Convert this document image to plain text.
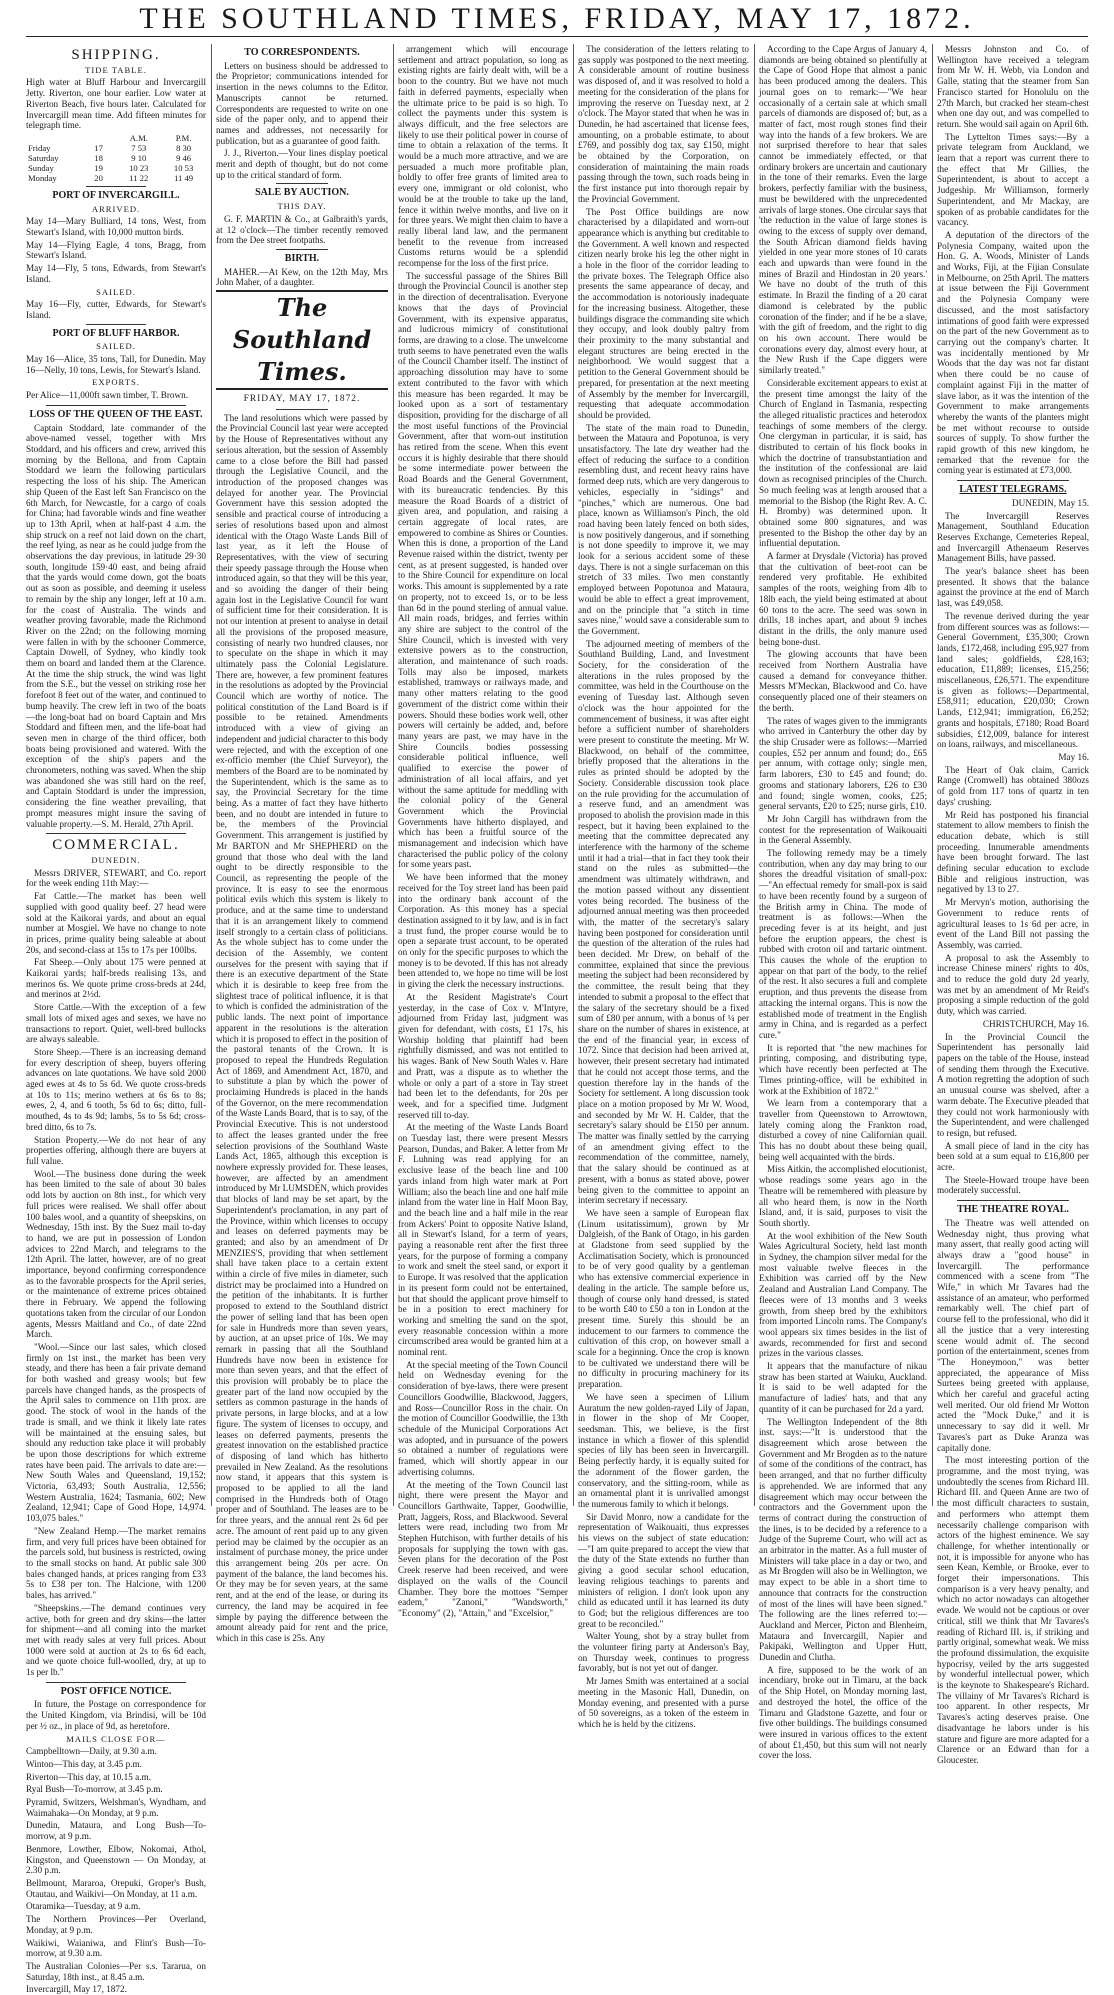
THE SOUTHLAND TIMES, FRIDAY, MAY 17, 1872.
SHIPPING.
TIDE TABLE.

High water at Bluff Harbour and Invercargill Jetty. Riverton, one hour earlier. Low water at Riverton Beach, five hours later. Calculated for Invercargill mean time. Add fifteen minutes for telegraph time.

		A.M.	P.M.
Friday	17	7 53	8 30
Saturday	18	9 10	9 46
Sunday	19	10 23	10 53
Monday	20	11 22	11 49
PORT OF INVERCARGILL.
ARRIVED.

May 14—Mary Bulliard, 14 tons, West, from Stewart's Island, with 10,000 mutton birds.

May 14—Flying Eagle, 4 tons, Bragg, from Stewart's Island.

May 14—Fly, 5 tons, Edwards, from Stewart's Island.

SAILED.

May 16—Fly, cutter, Edwards, for Stewart's Island.

PORT OF BLUFF HARBOR.
SAILED.

May 16—Alice, 35 tons, Tall, for Dunedin. May 16—Nelly, 10 tons, Lewis, for Stewart's Island.

EXPORTS.

Per Alice—11,000ft sawn timber, T. Brown.

LOSS OF THE QUEEN OF THE EAST.

Captain Stoddard, late commander of the above-named vessel, together with Mrs Stoddard, and his officers and crew, arrived this morning by the Bellona, and from Captain Stoddard we learn the following particulars respecting the loss of his ship. The American ship Queen of the East left San Francisco on the 6th March, for Newcastle, for a cargo of coals for China; had favorable winds and fine weather up to 13th April, when at half-past 4 a.m. the ship struck on a reef not laid down on the chart, the reef lying, as near as he could judge from the observations the day previous, in latitude 29·30 south, longitude 159·40 east, and being afraid that the yards would come down, got the boats out as soon as possible, and deeming it useless to remain by the ship any longer, left at 10 a.m. for the coast of Australia. The winds and weather proving favorable, made the Richmond River on the 22nd; on the following morning were fallen in with by the schooner Commerce, Captain Dowell, of Sydney, who kindly took them on board and landed them at the Clarence. At the time the ship struck, the wind was light from the S.E., but the vessel on striking rose her forefoot 8 feet out of the water, and continued to bump heavily. The crew left in two of the boats—the long-boat had on board Captain and Mrs Stoddard and fifteen men, and the life-boat had seven men in charge of the third officer, both boats being provisioned and watered. With the exception of the ship's papers and the chronometers, nothing was saved. When the ship was abandoned she was still hard on the reef, and Captain Stoddard is under the impression, considering the fine weather prevailing, that prompt measures might insure the saving of valuable property.—S. M. Herald, 27th April.

COMMERCIAL.
DUNEDIN.

Messrs DRIVER, STEWART, and Co. report for the week ending 11th May:—

Fat Cattle.—The market has been well supplied with good quality beef. 27 head were sold at the Kaikorai yards, and about an equal number at Mosgiel. We have no change to note in prices, prime quality being saleable at about 20s, and second-class at 15s to 17s per 100lbs.

Fat Sheep.—Only about 175 were penned at Kaikorai yards; half-breds realising 13s, and merinos 6s. We quote prime cross-breds at 24d, and merinos at 2½d.

Store Cattle.—With the exception of a few small lots of mixed ages and sexes, we have no transactions to report. Quiet, well-bred bullocks are always saleable.

Store Sheep.—There is an increasing demand for every description of sheep, buyers offering advances on late quotations. We have sold 2000 aged ewes at 4s to 5s 6d. We quote cross-breds at 10s to 11s; merino wethers at 6s 6s to 8s; ewes, 2, 4, and 6 tooth, 5s 6d to 6s; ditto, full-mouthed, 4s to 4s 9d; lambs, 5s to 5s 6d; cross-bred ditto, 6s to 7s.

Station Property.—We do not hear of any properties offering, although there are buyers at full value.

Wool.—The business done during the week has been limited to the sale of about 30 bales odd lots by auction on 8th inst., for which very full prices were realised. We shall offer about 100 bales wool, and a quantity of sheepskins, on Wednesday, 15th inst. By the Suez mail to-day to hand, we are put in possession of London advices to 22nd March, and telegrams to the 12th April. The latter, however, are of no great importance, beyond confirming correspondence as to the favorable prospects for the April series, or the maintenance of extreme prices obtained there in February. We append the following quotations taken from the circular of our London agents, Messrs Maitland and Co., of date 22nd March.

"Wool.—Since our last sales, which closed firmly on 1st inst., the market has been very steady, and there has been a fair private demand for both washed and greasy wools; but few parcels have changed hands, as the prospects of the April sales to commence on 11th prox. are good. The stock of wool in the hands of the trade is small, and we think it likely late rates will be maintained at the ensuing sales, but should any reduction take place it will probably be upon those descriptions for which extreme rates have been paid. The arrivals to date are:— New South Wales and Queensland, 19,152; Victoria, 63,493; South Australia, 12,556; Western Australia, 1624; Tasmania, 602; New Zealand, 12,941; Cape of Good Hope, 14,974. 103,075 bales."

"New Zealand Hemp.—The market remains firm, and very full prices have been obtained for the parcels sold, but business is restricted, owing to the small stocks on hand. At public sale 300 bales changed hands, at prices ranging from £33 5s to £38 per ton. The Halcione, with 1200 bales, has arrived."

"Sheepskins.—The demand continues very active, both for green and dry skins—the latter for shipment—and all coming into the market met with ready sales at very full prices. About 1000 were sold at auction at 2s to 6s 6d each, and we quote choice full-woolled, dry, at up to 1s per lb."

POST OFFICE NOTICE.

In future, the Postage on correspondence for the United Kingdom, via Brindisi, will be 10d per ½ oz., in place of 9d, as heretofore.

MAILS CLOSE FOR—

Campbelltown—Daily, at 9.30 a.m.

Winton—This day, at 3.45 p.m.

Riverton—This day, at 10.15 a.m.

Ryal Bush—To-morrow, at 3.45 p.m.

Pyramid, Switzers, Welshman's, Wyndham, and Waimahaka—On Monday, at 9 p.m.

Dunedin, Mataura, and Long Bush—To-morrow, at 9 p.m.

Benmore, Lowther, Elbow, Nokomai, Athol, Kingston, and Queenstown — On Monday, at 2.30 p.m.

Bellmount, Mararoa, Orepuki, Groper's Bush, Otautau, and Waikivi—On Monday, at 11 a.m.

Otaramika—Tuesday, at 9 a.m.

The Northern Provinces—Per Overland, Monday, at 9 p.m.

Waikiwi, Waianiwa, and Flint's Bush—To-morrow, at 9.30 a.m.

The Australian Colonies—Per s.s. Tararua, on Saturday, 18th inst., at 8.45 a.m.

Invercargill, May 17, 1872.

TO CORRESPONDENTS.

Letters on business should be addressed to the Proprietor; communications intended for insertion in the news columns to the Editor. Manuscripts cannot be returned. Correspondents are requested to write on one side of the paper only, and to append their names and addresses, not necessarily for publication, but as a guarantee of good faith.

J. J., Riverton.—Your lines display poetical merit and depth of thought, but do not come up to the critical standard of form.

SALE BY AUCTION.
THIS DAY.

G. F. MARTIN & Co., at Galbraith's yards, at 12 o'clock—The timber recently removed from the Dee street footpaths.

BIRTH.

MAHER.—At Kew, on the 12th May, Mrs John Maher, of a daughter.

The Southland Times.
FRIDAY, MAY 17, 1872.

The land resolutions which were passed by the Provincial Council last year were accepted by the House of Representatives without any serious alteration, but the session of Assembly came to a close before the Bill had passed through the Legislative Council, and the introduction of the proposed changes was delayed for another year. The Provincial Government have this session adopted the sensible and practical course of introducing a series of resolutions based upon and almost identical with the Otago Waste Lands Bill of last year, as it left the House of Representatives, with the view of securing their speedy passage through the House when introduced again, so that they will be this year, and so avoiding the danger of their being again lost in the Legislative Council for want of sufficient time for their consideration. It is not our intention at present to analyse in detail all the provisions of the proposed measure, consisting of nearly two hundred clauses, nor to speculate on the shape in which it may ultimately pass the Colonial Legislature. There are, however, a few prominent features in the resolutions as adopted by the Provincial Council which are worthy of notice. The political constitution of the Land Board is if possible to be retained. Amendments introduced with a view of giving an independent and judicial character to this body were rejected, and with the exception of one ex-officio member (the Chief Surveyor), the members of the Board are to be nominated by the Superintendent, which is the same as to say, the Provincial Secretary for the time being. As a matter of fact they have hitherto been, and no doubt are intended in future to be, the members of the Provincial Government. This arrangement is justified by Mr BARTON and Mr SHEPHERD on the ground that those who deal with the land ought to be directly responsible to the Council, as representing the people of the province. It is easy to see the enormous political evils which this system is likely to produce, and at the same time to understand that it is an arrangement likely to commend itself strongly to a certain class of politicians. As the whole subject has to come under the decision of the Assembly, we content ourselves for the present with saying that if there is an executive department of the State which it is desirable to keep free from the slightest trace of political influence, it is that to which is confided the administration of the public lands. The next point of importance apparent in the resolutions is the alteration which it is proposed to effect in the position of the pastoral tenants of the Crown. It is proposed to repeal the Hundreds Regulation Act of 1869, and Amendment Act, 1870, and to substitute a plan by which the power of proclaiming Hundreds is placed in the hands of the Governor, on the mere recommendation of the Waste Lands Board, that is to say, of the Provincial Executive. This is not understood to affect the leases granted under the free selection provisions of the Southland Waste Lands Act, 1865, although this exception is nowhere expressly provided for. These leases, however, are affected by an amendment introduced by Mr LUMSDEN, which provides that blocks of land may be set apart, by the Superintendent's proclamation, in any part of the Province, within which licenses to occupy and leases on deferred payments may be granted; and also by an amendment of Dr MENZIES'S, providing that when settlement shall have taken place to a certain extent within a circle of five miles in diameter, such district may be proclaimed into a Hundred on the petition of the inhabitants. It is further proposed to extend to the Southland district the power of selling land that has been open for sale in Hundreds more than seven years, by auction, at an upset price of 10s. We may remark in passing that all the Southland Hundreds have now been in existence for more than seven years, and that the effect of this provision will probably be to place the greater part of the land now occupied by the settlers as common pasturage in the hands of private persons, in large blocks, and at a low figure. The system of licenses to occupy, and leases on deferred payments, presents the greatest innovation on the established practice of disposing of land which has hitherto prevailed in New Zealand. As the resolutions now stand, it appears that this system is proposed to be applied to all the land comprised in the Hundreds both of Otago proper and of Southland. The leases are to be for three years, and the annual rent 2s 6d per acre. The amount of rent paid up to any given period may be claimed by the occupier as an instalment of purchase money, the price under this arrangement being 20s per acre. On payment of the balance, the land becomes his. Or they may be for seven years, at the same rent, and at the end of the lease, or during its currency, the land may be acquired in fee simple by paying the difference between the amount already paid for rent and the price, which in this case is 25s. Any

arrangement which will encourage settlement and attract population, so long as existing rights are fairly dealt with, will be a boon to the country. But we have not much faith in deferred payments, especially when the ultimate price to be paid is so high. To collect the payments under this system is always difficult, and the free selectors are likely to use their political power in course of time to obtain a relaxation of the terms. It would be a much more attractive, and we are persuaded a much more profitable plan, boldly to offer free grants of limited area to every one, immigrant or old colonist, who would be at the trouble to take up the land, fence it within twelve months, and live on it for three years. We might then claim to have a really liberal land law, and the permanent benefit to the revenue from increased Customs returns would be a splendid recompense for the loss of the first price.

The successful passage of the Shires Bill through the Provincial Council is another step in the direction of decentralisation. Everyone knows that the days of Provincial Government, with its expensive apparatus, and ludicrous mimicry of constitutional forms, are drawing to a close. The unwelcome truth seems to have penetrated even the walls of the Council Chamber itself. The instinct of approaching dissolution may have to some extent contributed to the favor with which this measure has been regarded. It may be looked upon as a sort of testamentary disposition, providing for the discharge of all the most useful functions of the Provincial Government, after that worn-out institution has retired from the scene. When this event occurs it is highly desirable that there should be some intermediate power between the Road Boards and the General Government, with its bureaucratic tendencies. By this measure the Road Boards of a district of given area, and population, and raising a certain aggregate of local rates, are empowered to combine as Shires or Counties. When this is done, a proportion of the Land Revenue raised within the district, twenty per cent, as at present suggested, is handed over to the Shire Council for expenditure on local works. This amount is supplemented by a rate on property, not to exceed 1s, or to be less than 6d in the pound sterling of annual value. All main roads, bridges, and ferries within any shire are subject to the control of the Shire Council, which is invested with very extensive powers as to the construction, alteration, and maintenance of such roads. Tolls may also be imposed, markets established, tramways or railways made, and many other matters relating to the good government of the district come within their powers. Should these bodies work well, other powers will certainly be added, and, before many years are past, we may have in the Shire Councils bodies possessing considerable political influence, well qualified to exercise the power of administration of all local affairs, and yet without the same aptitude for meddling with the colonial policy of the General Government which the Provincial Governments have hitherto displayed, and which has been a fruitful source of the mismanagement and indecision which have characterised the public policy of the colony for some years past.

We have been informed that the money received for the Toy street land has been paid into the ordinary bank account of the Corporation. As this money has a special destination assigned to it by law, and is in fact a trust fund, the proper course would be to open a separate trust account, to be operated on only for the specific purposes to which the money is to be devoted. If this has not already been attended to, we hope no time will be lost in giving the clerk the necessary instructions.

At the Resident Magistrate's Court yesterday, in the case of Cox v. M'Intyre, adjourned from Friday last, judgment was given for defendant, with costs, £1 17s, his Worship holding that plaintiff had been rightfully dismissed, and was not entitled to his wages. Bank of New South Wales v. Hare and Pratt, was a dispute as to whether the whole or only a part of a store in Tay street had been let to the defendants, for 20s per week, and for a specified time. Judgment reserved till to-day.

At the meeting of the Waste Lands Board on Tuesday last, there were present Messrs Pearson, Dundas, and Baker. A letter from Mr F. Luhning was read applying for an exclusive lease of the beach line and 100 yards inland from high water mark at Port William; also the beach line and one half mile inland from the water line in Half Moon Bay, and the beach line and a half mile in the rear from Ackers' Point to opposite Native Island, all in Stewart's Island, for a term of years, paying a reasonable rent after the first three years, for the purpose of forming a company to work and smelt the steel sand, or export it to Europe. It was resolved that the application in its present form could not be entertained, but that should the applicant prove himself to be in a position to erect machinery for working and smelting the sand on the spot, every reasonable concession within a more circumscribed area would be granted him at a nominal rent.

At the special meeting of the Town Council held on Wednesday evening for the consideration of bye-laws, there were present Councillors Goodwillie, Blackwood, Jaggers, and Ross—Councillor Ross in the chair. On the motion of Councillor Goodwillie, the 13th schedule of the Municipal Corporations Act was adopted, and in pursuance of the powers so obtained a number of regulations were framed, which will shortly appear in our advertising columns.

At the meeting of the Town Council last night, there were present the Mayor and Councillors Garthwaite, Tapper, Goodwillie, Pratt, Jaggers, Ross, and Blackwood. Several letters were read, including two from Mr Stephen Hutchison, with further details of his proposals for supplying the town with gas. Seven plans for the decoration of the Post Creek reserve had been received, and were displayed on the walls of the Council Chamber. They bore the mottoes "Semper eadem," "Zanoni," "Wandsworth," "Economy" (2), "Attain," and "Excelsior,"

The consideration of the letters relating to gas supply was postponed to the next meeting. A considerable amount of routine business was disposed of, and it was resolved to hold a meeting for the consideration of the plans for improving the reserve on Tuesday next, at 2 o'clock. The Mayor stated that when he was in Dunedin, he had ascertained that license fees, amounting, on a probable estimate, to about £769, and possibly dog tax, say £150, might be obtained by the Corporation, on consideration of maintaining the main roads passing through the town, such roads being in the first instance put into thorough repair by the Provincial Government.

The Post Office buildings are now characterised by a dilapidated and worn-out appearance which is anything but creditable to the Government. A well known and respected citizen nearly broke his leg the other night in a hole in the floor of the corridor leading to the private boxes. The Telegraph Office also presents the same appearance of decay, and the accommodation is notoriously inadequate for the increasing business. Altogether, these buildings disgrace the commanding site which they occupy, and look doubly paltry from their proximity to the many substantial and elegant structures are being erected in the neighborhood. We would suggest that a petition to the General Government should be prepared, for presentation at the next meeting of Assembly by the member for Invercargill, requesting that adequate accommodation should be provided.

The state of the main road to Dunedin, between the Mataura and Popotunoa, is very unsatisfactory. The late dry weather had the effect of reducing the surface to a condition resembling dust, and recent heavy rains have formed deep ruts, which are very dangerous to vehicles, especially in "sidings" and "pinches," which are numerous. One bad place, known as Williamson's Pinch, the old road having been lately fenced on both sides, is now positively dangerous, and if something is not done speedily to improve it, we may look for a serious accident some of these days. There is not a single surfaceman on this stretch of 33 miles. Two men constantly employed between Popotunoa and Mataura, would be able to effect a great improvement, and on the principle that "a stitch in time saves nine," would save a considerable sum to the Government.

The adjourned meeting of members of the Southland Building, Land, and Investment Society, for the consideration of the alterations in the rules proposed by the committee, was held in the Courthouse on the evening of Tuesday last. Although seven o'clock was the hour appointed for the commencement of business, it was after eight before a sufficient number of shareholders were present to constitute the meeting. Mr W. Blackwood, on behalf of the committee, briefly proposed that the alterations in the rules as printed should be adopted by the Society. Considerable discussion took place on the rule providing for the accumulation of a reserve fund, and an amendment was proposed to abolish the provision made in this respect, but it having been explained to the meeting that the committee deprecated any interference with the harmony of the scheme until it had a trial—that in fact they took their stand on the rules as submitted—the amendment was ultimately withdrawn, and the motion passed without any dissentient votes being recorded. The business of the adjourned annual meeting was then proceeded with, the matter of the secretary's salary having been postponed for consideration until the question of the alteration of the rules had been decided. Mr Drew, on behalf of the committee, explained that since the previous meeting the subject had been reconsidered by the committee, the result being that they intended to submit a proposal to the effect that the salary of the secretary should be a fixed sum of £80 per annum, with a bonus of ¼ per share on the number of shares in existence, at the end of the financial year, in excess of 1072. Since that decision had been arrived at, however, their present secretary had intimated that he could not accept those terms, and the question therefore lay in the hands of the Society for settlement. A long discussion took place on a motion proposed by Mr W. Wood, and seconded by Mr W. H. Calder, that the secretary's salary should be £150 per annum. The matter was finally settled by the carrying of an amendment giving effect to the recommendation of the committee, namely, that the salary should be continued as at present, with a bonus as stated above, power being given to the committee to appoint an interim secretary if necessary.

We have seen a sample of European flax (Linum usitatissimum), grown by Mr Dalgleish, of the Bank of Otago, in his garden at Gladstone from seed supplied by the Acclimatisation Society, which is pronounced to be of very good quality by a gentleman who has extensive commercial experience in dealing in the article. The sample before us, though of course only hand dressed, is stated to be worth £40 to £50 a ton in London at the present time. Surely this should be an inducement to our farmers to commence the cultivation of this crop, on however small a scale for a beginning. Once the crop is known to be cultivated we understand there will be no difficulty in procuring machinery for its preparation.

We have seen a specimen of Lilium Auratum the new golden-rayed Lily of Japan, in flower in the shop of Mr Cooper, seedsman. This, we believe, is the first instance in which a flower of this splendid species of lily has been seen in Invercargill. Being perfectly hardy, it is equally suited for the adornment of the flower garden, the conservatory, and the sitting-room, while as an ornamental plant it is unrivalled amongst the numerous family to which it belongs.

Sir David Monro, now a candidate for the representation of Waikouaiti, thus expresses his views on the subject of state education:—"I am quite prepared to accept the view that the duty of the State extends no further than giving a good secular school education, leaving religious teachings to parents and ministers of religion. I don't look upon any child as educated until it has learned its duty to God; but the religious differences are too great to be reconciled."

Walter Young, shot by a stray bullet from the volunteer firing party at Anderson's Bay, on Thursday week, continues to progress favorably, but is not yet out of danger.

Mr James Smith was entertained at a social meeting in the Masonic Hall, Dunedin, on Monday evening, and presented with a purse of 50 sovereigns, as a token of the esteem in which he is held by the citizens.

According to the Cape Argus of January 4, diamonds are being obtained so plentifully at the Cape of Good Hope that almost a panic has been produced among the dealers. This journal goes on to remark:—"We hear occasionally of a certain sale at which small parcels of diamonds are disposed of; but, as a matter of fact, most rough stones find their way into the hands of a few brokers. We are not surprised therefore to hear that sales cannot be immediately effected, or that ordinary brokers are uncertain and cautionary in the tone of their remarks. Even the large brokers, perfectly familiar with the business, must be bewildered with the unprecedented arrivals of large stones. One circular says that 'the reduction in the value of large stones is owing to the excess of supply over demand, the South African diamond fields having yielded in one year more stones of 10 carats each and upwards than were found in the mines of Brazil and Hindostan in 20 years.' We have no doubt of the truth of this estimate. In Brazil the finding of a 20 carat diamond is celebrated by the public coronation of the finder; and if he be a slave, with the gift of freedom, and the right to dig on his own account. There would be coronations every day, almost every hour, at the New Rush if the Cape diggers were similarly treated."

Considerable excitement appears to exist at the present time amongst the laity of the Church of England in Tasmania, respecting the alleged ritualistic practices and heterodox teachings of some members of the clergy. One clergyman in particular, it is said, has distributed to certain of his flock books in which the doctrine of transubstantiation and the institution of the confessional are laid down as recognised principles of the Church. So much feeling was at length aroused that a memorial to the Bishop (the Right Rev. A. C. H. Bromby) was determined upon. It obtained some 800 signatures, and was presented to the Bishop the other day by an influential deputation.

A farmer at Drysdale (Victoria) has proved that the cultivation of beet-root can be rendered very profitable. He exhibited samples of the roots, weighing from 4lb to 18lb each, the yield being estimated at about 60 tons to the acre. The seed was sown in drills, 18 inches apart, and about 9 inches distant in the drills, the only manure used being bone-dust.

The glowing accounts that have been received from Northern Australia have caused a demand for conveyance thither. Messrs M'Meckan, Blackwood and Co. have consequently placed one of their steamers on the berth.

The rates of wages given to the immigrants who arrived in Canterbury the other day by the ship Crusader were as follows:—Married couples, £52 per annum and found; do., £65 per annum, with cottage only; single men, farm laborers, £30 to £45 and found; do. grooms and stationary laborers, £26 to £30 and found; single women, cooks, £25; general servants, £20 to £25; nurse girls, £10.

Mr John Cargill has withdrawn from the contest for the representation of Waikouaiti in the General Assembly.

The following remedy may be a timely contribution, when any day may bring to our shores the dreadful visitation of small-pox:—"An effectual remedy for small-pox is said to have been recently found by a surgeon of the British army in China. The mode of treatment is as follows:—When the preceding fever is at its height, and just before the eruption appears, the chest is rubbed with croton oil and tartaric ointment. This causes the whole of the eruption to appear on that part of the body, to the relief of the rest. It also secures a full and complete eruption, and thus prevents the disease from attacking the internal organs. This is now the established mode of treatment in the English army in China, and is regarded as a perfect cure."

It is reported that "the new machines for printing, composing, and distributing type, which have recently been perfected at The Times printing-office, will be exhibited in work at the Exhibition of 1872."

We learn from a contemporary that a traveller from Queenstown to Arrowtown, lately coming along the Frankton road, disturbed a covey of nine Californian quail. This has no doubt about these being quail, being well acquainted with the birds.

Miss Aitkin, the accomplished elocutionist, whose readings some years ago in the Theatre will be remembered with pleasure by all who heard them, is now in the North Island, and, it is said, purposes to visit the South shortly.

At the wool exhibition of the New South Wales Agricultural Society, held last month in Sydney, the champion silver medal for the most valuable twelve fleeces in the Exhibition was carried off by the New Zealand and Australian Land Company. The fleeces were of 13 months and 3 weeks growth, from sheep bred by the exhibitors from imported Lincoln rams. The Company's wool appears six times besides in the list of awards, recommended for first and second prizes in the various classes.

It appears that the manufacture of nikau straw has been started at Waiuku, Auckland. It is said to be well adapted for the manufacture of ladies' hats, and that any quantity of it can be purchased for 2d a yard.

The Wellington Independent of the 8th inst. says:—"It is understood that the disagreement which arose between the Government and Mr Brogden as to the nature of some of the conditions of the contract, has been arranged, and that no further difficulty is apprehended. We are informed that any disagreement which may occur between the contractors and the Government upon the terms of contract during the construction of the lines, is to be decided by a reference to a Judge of the Supreme Court, who will act as an arbitrator in the matter. As a full muster of Ministers will take place in a day or two, and as Mr Brogden will also be in Wellington, we may expect to be able in a short time to announce that contracts for the construction of most of the lines will have been signed." The following are the lines referred to:—Auckland and Mercer, Picton and Blenheim, Mataura and Invercargill, Napier and Pakipaki, Wellington and Upper Hutt, Dunedin and Clutha.

A fire, supposed to be the work of an incendiary, broke out in Timaru, at the back of the Ship Hotel, on Monday morning last, and destroyed the hotel, the office of the Timaru and Gladstone Gazette, and four or five other buildings. The buildings consumed were insured in various offices to the extent of about £1,450, but this sum will not nearly cover the loss.

Messrs Johnston and Co. of Wellington have received a telegram from Mr W. H. Webb, via London and Galle, stating that the steamer from San Francisco started for Honolulu on the 27th March, but cracked her steam-chest when one day out, and was compelled to return. She would sail again on April 6th.

The Lyttelton Times says:—By a private telegram from Auckland, we learn that a report was current there to the effect that Mr Gillies, the Superintendent, is about to accept a Judgeship. Mr Williamson, formerly Superintendent, and Mr Mackay, are spoken of as probable candidates for the vacancy.

A deputation of the directors of the Polynesia Company, waited upon the Hon. G. A. Woods, Minister of Lands and Works, Fiji, at the Fijian Consulate in Melbourne, on 25th April. The matters at issue between the Fiji Government and the Polynesia Company were discussed, and the most satisfactory intimations of good faith were expressed on the part of the new Government as to carrying out the company's charter. It was incidentally mentioned by Mr Woods that the day was not far distant when there could be no cause of complaint against Fiji in the matter of slave labor, as it was the intention of the Government to make arrangements whereby the wants of the planters might be met without recourse to outside sources of supply. To show further the rapid growth of this new kingdom, he remarked that the revenue for the coming year is estimated at £73,000.

LATEST TELEGRAMS.

DUNEDIN, May 15.

The Invercargill Reserves Management, Southland Education Reserves Exchange, Cemeteries Repeal, and Invercargill Athenaeum Reserves Management Bills, have passed.

The year's balance sheet has been presented. It shows that the balance against the province at the end of March last, was £49,058.

The revenue derived during the year from different sources was as follows:—General Government, £35,300; Crown lands, £172,468, including £95,927 from land sales; goldfields, £28,163; education, £11,889; licenses, £15,256; miscellaneous, £26,571. The expenditure is given as follows:—Departmental, £58,911; education, £20,030; Crown Lands, £12,941; immigration, £6,252; grants and hospitals, £7180; Road Board subsidies, £12,009, balance for interest on loans, railways, and miscellaneous.

May 16.

The Heart of Oak claim, Carrick Range (Cromwell) has obtained 380ozs of gold from 117 tons of quartz in ten days' crushing.

Mr Reid has postponed his financial statement to allow members to finish the education debate, which is still proceeding. Innumerable amendments have been brought forward. The last defining secular education to exclude Bible and religious instruction, was negatived by 13 to 27.

Mr Mervyn's motion, authorising the Government to reduce rents of agricultural leases to 1s 6d per acre, in event of the Land Bill not passing the Assembly, was carried.

A proposal to ask the Assembly to increase Chinese miners' rights to 40s, and to reduce the gold duty 2d yearly, was met by an amendment of Mr Reid's proposing a simple reduction of the gold duty, which was carried.

CHRISTCHURCH, May 16.

In the Provincial Council the Superintendent has personally laid papers on the table of the House, instead of sending them through the Executive. A motion regretting the adoption of such an unusual course was shelved, after a warm debate. The Executive pleaded that they could not work harmoniously with the Superintendent, and were challenged to resign, but refused.

A small piece of land in the city has been sold at a sum equal to £16,800 per acre.

The Steele-Howard troupe have been moderately successful.

THE THEATRE ROYAL.

The Theatre was well attended on Wednesday night, thus proving what many assert, that really good acting will always draw a "good house" in Invercargill. The performance commenced with a scene from "The Wife," in which Mr Tavares had the assistance of an amateur, who performed remarkably well. The chief part of course fell to the professional, who did it all the justice that a very interesting scene would admit of. The second portion of the entertainment, scenes from "The Honeymoon," was better appreciated, the appearance of Miss Surtees being greeted with applause, which her careful and graceful acting well merited. Our old friend Mr Wotton acted the "Mock Duke," and it is unnecessary to say did it well. Mr Tavares's part as Duke Aranza was capitally done.

The most interesting portion of the programme, and the most trying, was undoubtedly the scenes from Richard III. Richard III. and Queen Anne are two of the most difficult characters to sustain, and performers who attempt them necessarily challenge comparison with actors of the highest eminence. We say challenge, for whether intentionally or not, it is impossible for anyone who has seen Kean, Kemble, or Brooke, ever to forget their impersonations. This comparison is a very heavy penalty, and which no actor nowadays can altogether evade. We would not be captious or over critical, still we think that Mr Tavares's reading of Richard III. is, if striking and partly original, somewhat weak. We miss the profound dissimulation, the exquisite hypocrisy, veiled by the arts suggested by wonderful intellectual power, which is the keynote to Shakespeare's Richard. The villainy of Mr Tavares's Richard is too apparent. In other respects, Mr Tavares's acting deserves praise. One disadvantage he labors under is his stature and figure are more adapted for a Clarence or an Edward than for a Gloucester.
